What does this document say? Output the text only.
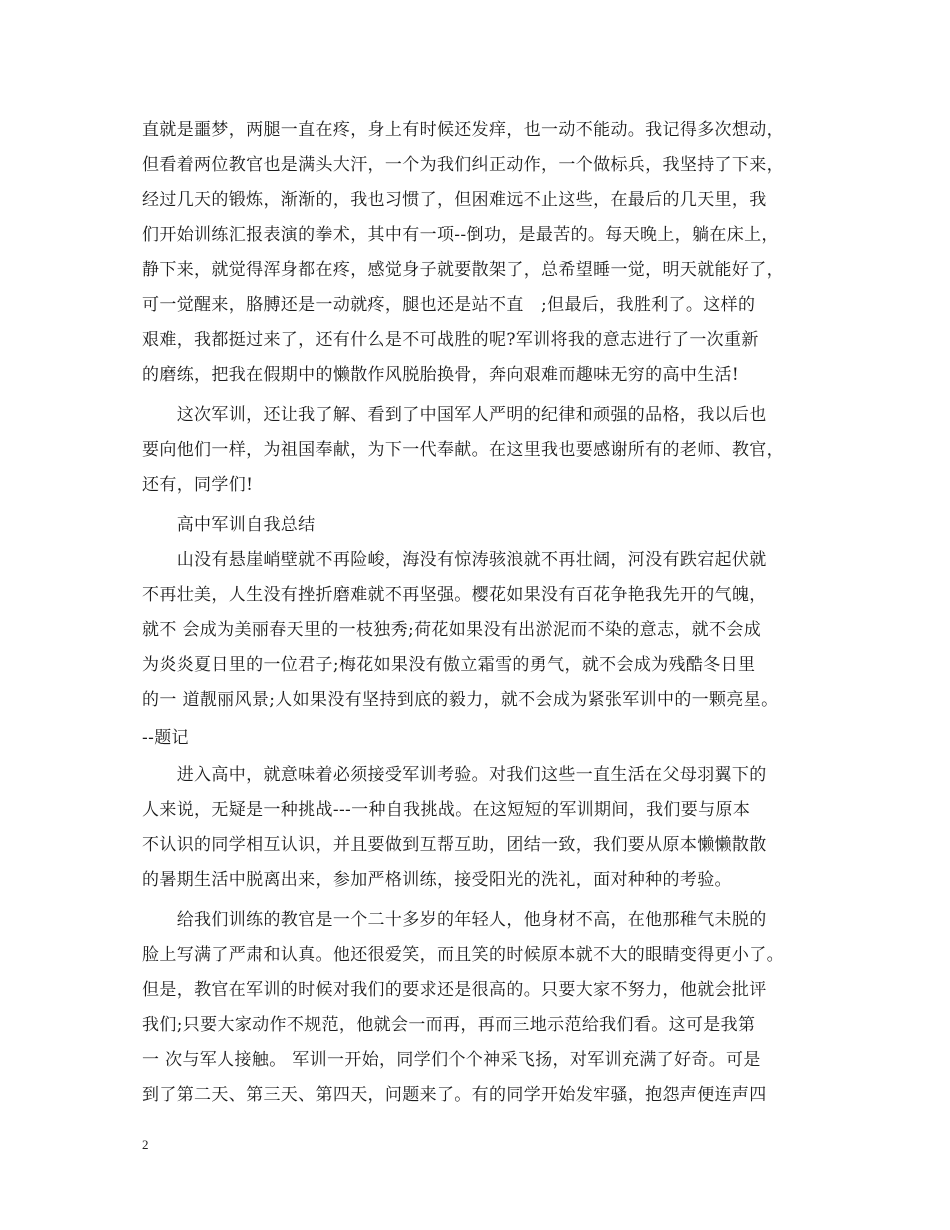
直就是噩梦，两腿一直在疼，身上有时候还发痒，也一动不能动。我记得多次想动，
但看着两位教官也是满头大汗，一个为我们纠正动作，一个做标兵，我坚持了下来，
经过几天的锻炼，渐渐的，我也习惯了，但困难远不止这些，在最后的几天里，我
们开始训练汇报表演的拳术，其中有一项--倒功，是最苦的。每天晚上，躺在床上，
静下来，就觉得浑身都在疼，感觉身子就要散架了，总希望睡一觉，明天就能好了，
可一觉醒来，胳膊还是一动就疼，腿也还是站不直　;但最后，我胜利了。这样的
艰难，我都挺过来了，还有什么是不可战胜的呢?军训将我的意志进行了一次重新
的磨练，把我在假期中的懒散作风脱胎换骨，奔向艰难而趣味无穷的高中生活!
　　这次军训，还让我了解、看到了中国军人严明的纪律和顽强的品格，我以后也
要向他们一样，为祖国奉献，为下一代奉献。在这里我也要感谢所有的老师、教官，
还有，同学们!
　　高中军训自我总结
　　山没有悬崖峭壁就不再险峻，海没有惊涛骇浪就不再壮阔，河没有跌宕起伏就
不再壮美，人生没有挫折磨难就不再坚强。樱花如果没有百花争艳我先开的气魄，
就不 会成为美丽春天里的一枝独秀;荷花如果没有出淤泥而不染的意志，就不会成
为炎炎夏日里的一位君子;梅花如果没有傲立霜雪的勇气，就不会成为残酷冬日里
的一 道靓丽风景;人如果没有坚持到底的毅力，就不会成为紧张军训中的一颗亮星。
--题记
　　进入高中，就意味着必须接受军训考验。对我们这些一直生活在父母羽翼下的
人来说，无疑是一种挑战---一种自我挑战。在这短短的军训期间，我们要与原本
不认识的同学相互认识，并且要做到互帮互助，团结一致，我们要从原本懒懒散散
的暑期生活中脱离出来，参加严格训练，接受阳光的洗礼，面对种种的考验。
　　给我们训练的教官是一个二十多岁的年轻人，他身材不高，在他那稚气未脱的
脸上写满了严肃和认真。他还很爱笑，而且笑的时候原本就不大的眼睛变得更小了。
但是，教官在军训的时候对我们的要求还是很高的。只要大家不努力，他就会批评
我们;只要大家动作不规范，他就会一而再，再而三地示范给我们看。这可是我第
一 次与军人接触。 军训一开始，同学们个个神采飞扬，对军训充满了好奇。可是
到了第二天、第三天、第四天，问题来了。有的同学开始发牢骚，抱怨声便连声四
2
